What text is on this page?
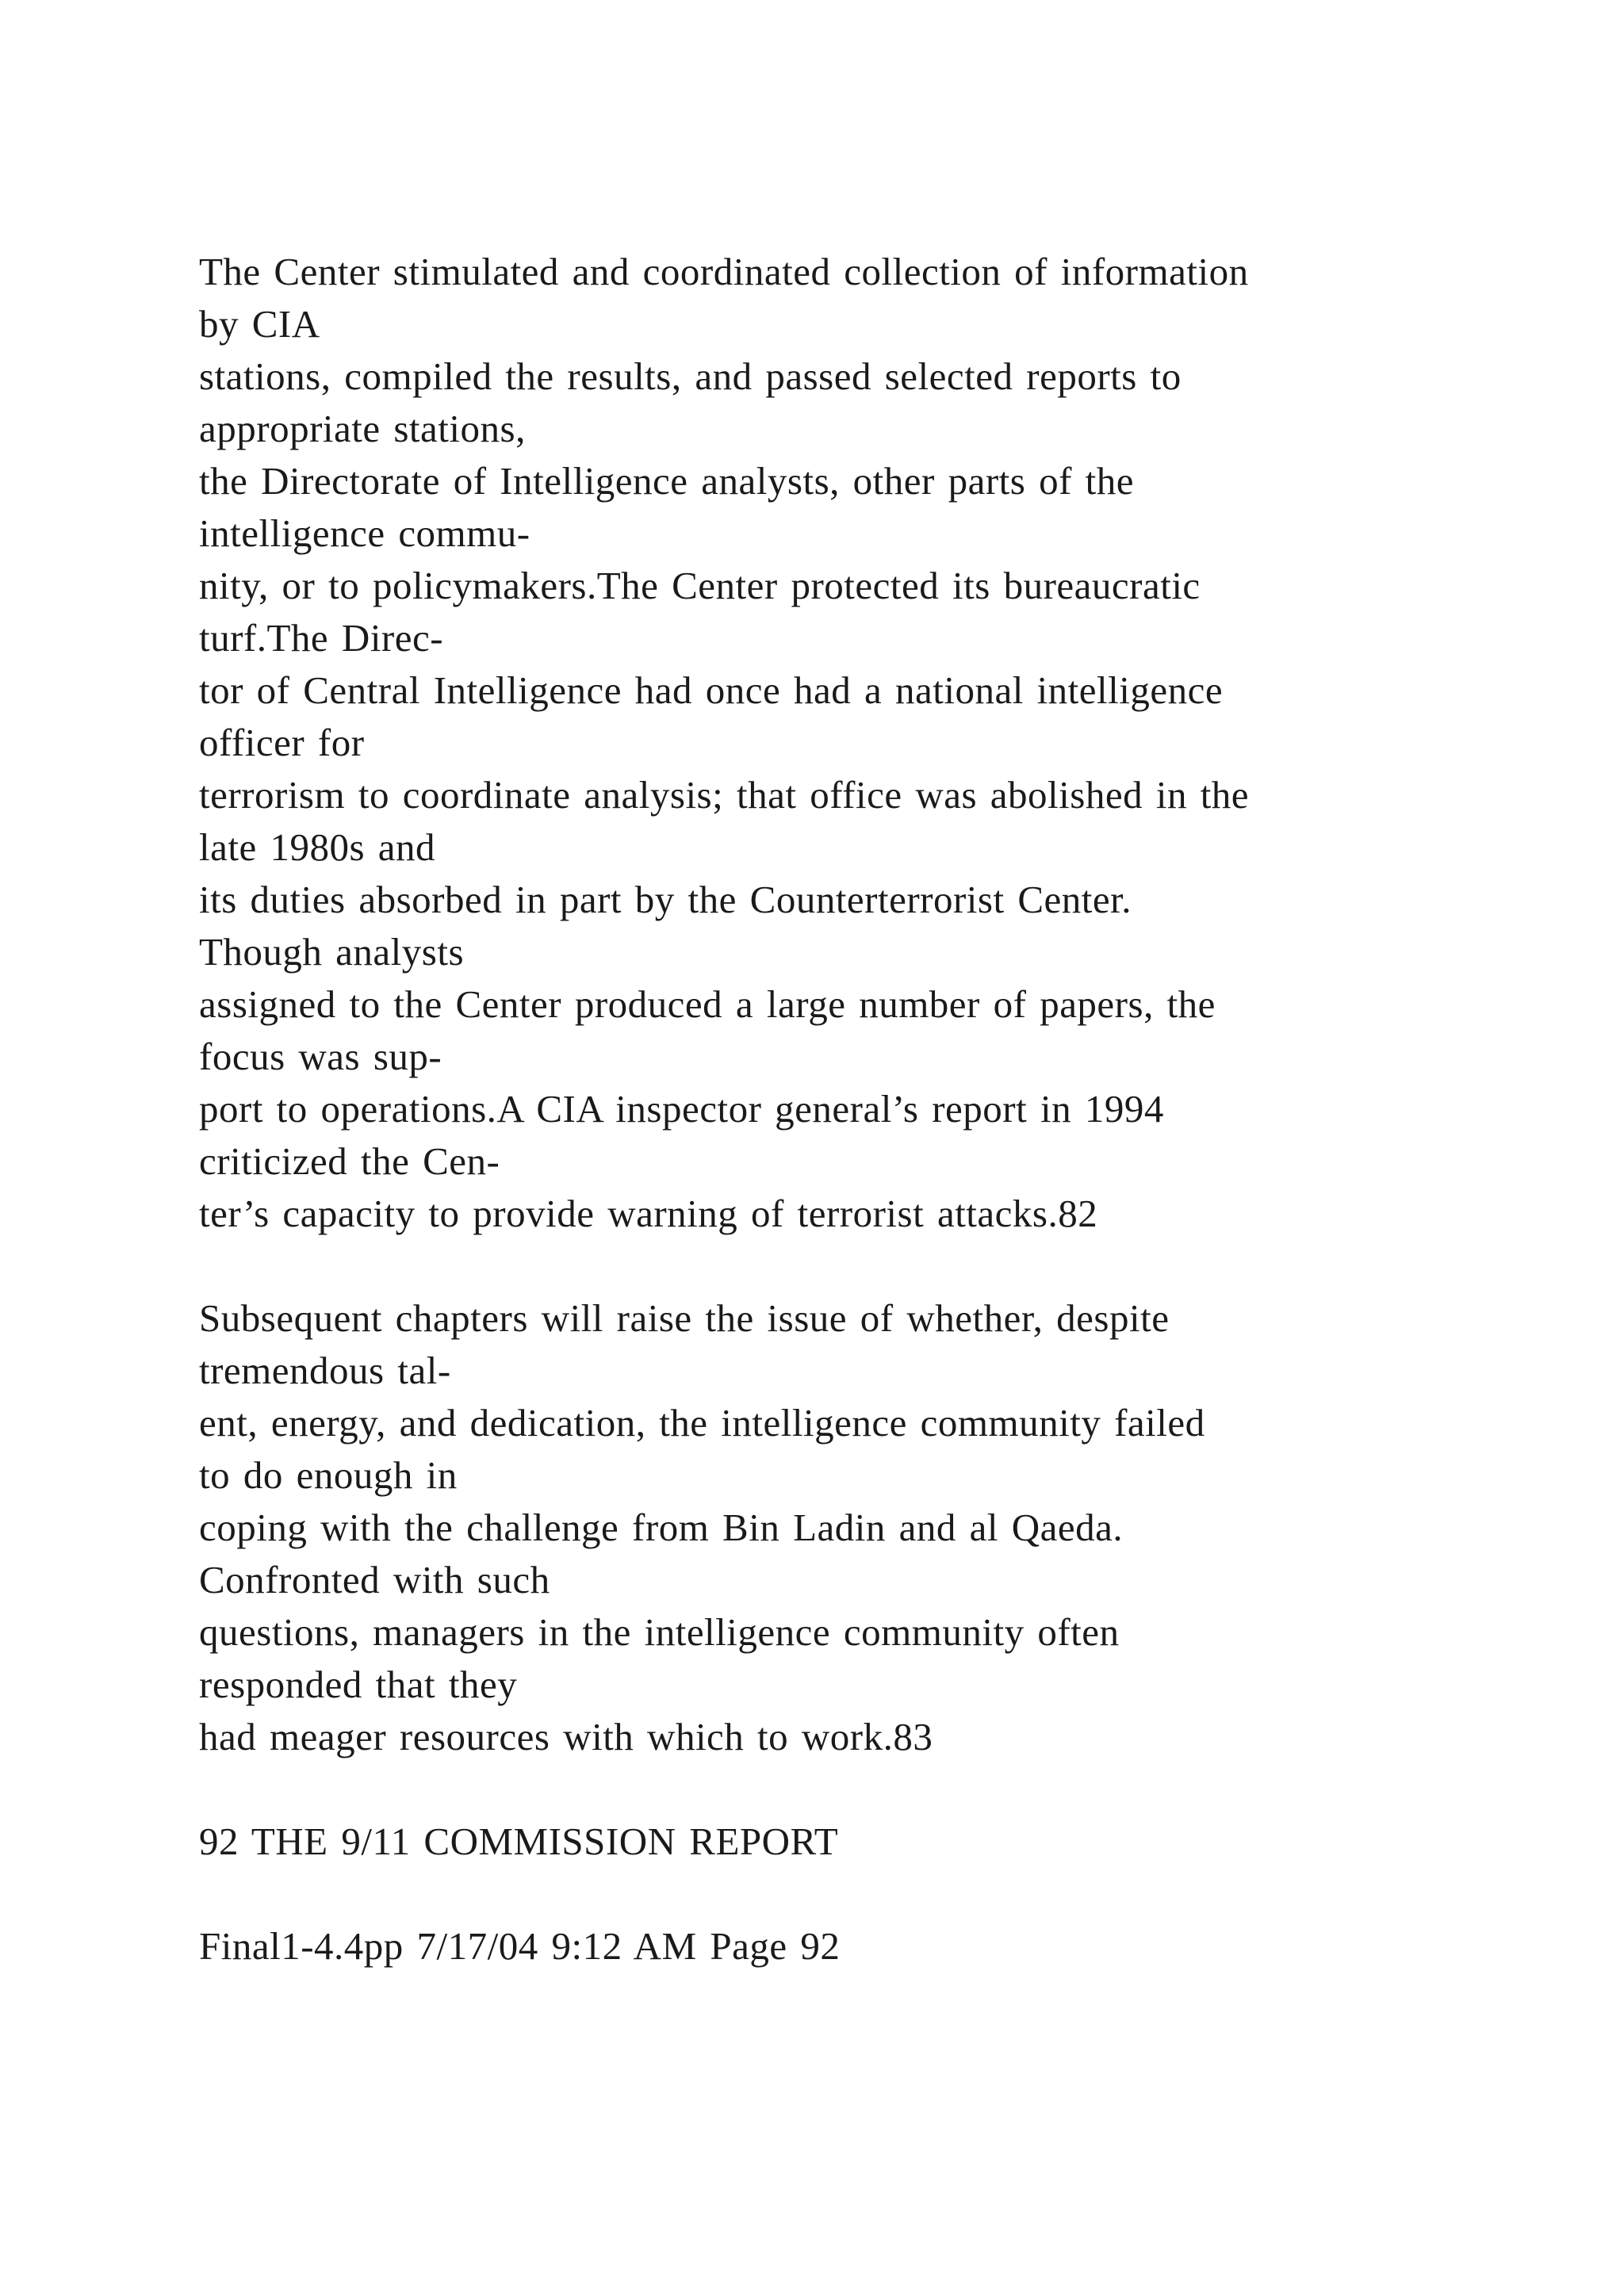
The Center stimulated and coordinated collection of information
by CIA
stations, compiled the results, and passed selected reports to
appropriate stations,
the Directorate of Intelligence analysts, other parts of the
intelligence commu-
nity, or to policymakers.The Center protected its bureaucratic
turf.The Direc-
tor of Central Intelligence had once had a national intelligence
officer for
terrorism to coordinate analysis; that office was abolished in the
late 1980s and
its duties absorbed in part by the Counterterrorist Center.
Though analysts
assigned to the Center produced a large number of papers, the
focus was sup-
port to operations.A CIA inspector general’s report in 1994
criticized the Cen-
ter’s capacity to provide warning of terrorist attacks.82
Subsequent chapters will raise the issue of whether, despite
tremendous tal-
ent, energy, and dedication, the intelligence community failed
to do enough in
coping with the challenge from Bin Ladin and al Qaeda.
Confronted with such
questions, managers in the intelligence community often
responded that they
had meager resources with which to work.83
92 THE 9/11 COMMISSION REPORT
Final1-4.4pp 7/17/04 9:12 AM Page 92
